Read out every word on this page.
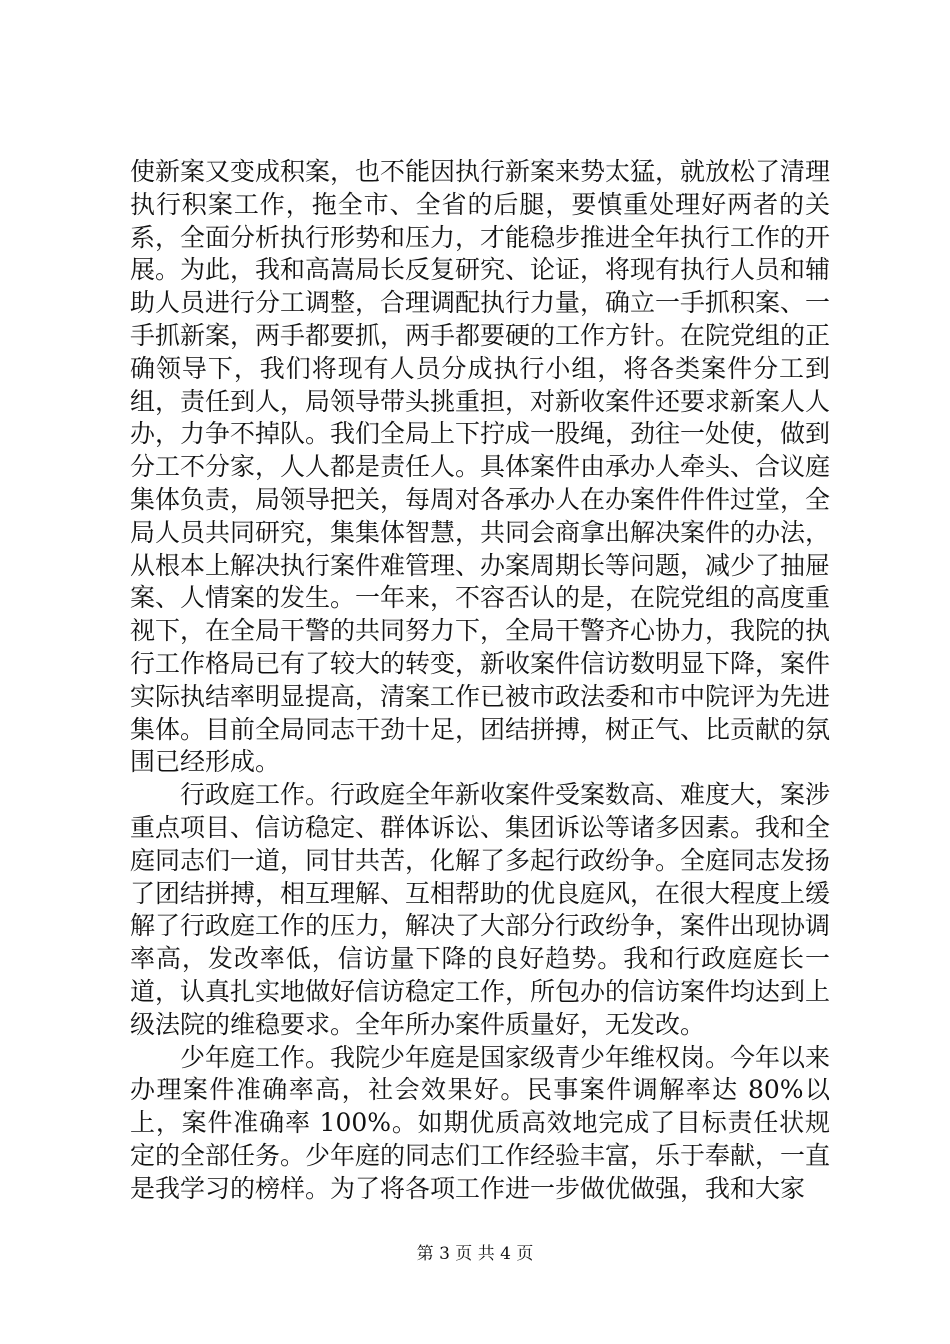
使新案又变成积案，也不能因执行新案来势太猛，就放松了清理执行积案工作，拖全市、全省的后腿，要慎重处理好两者的关系，全面分析执行形势和压力，才能稳步推进全年执行工作的开展。为此，我和高嵩局长反复研究、论证，将现有执行人员和辅助人员进行分工调整，合理调配执行力量，确立一手抓积案、一手抓新案，两手都要抓，两手都要硬的工作方针。在院党组的正确领导下，我们将现有人员分成执行小组，将各类案件分工到组，责任到人，局领导带头挑重担，对新收案件还要求新案人人办，力争不掉队。我们全局上下拧成一股绳，劲往一处使，做到分工不分家，人人都是责任人。具体案件由承办人牵头、合议庭集体负责，局领导把关，每周对各承办人在办案件件件过堂，全局人员共同研究，集集体智慧，共同会商拿出解决案件的办法，从根本上解决执行案件难管理、办案周期长等问题，减少了抽屉案、人情案的发生。一年来，不容否认的是，在院党组的高度重视下，在全局干警的共同努力下，全局干警齐心协力，我院的执行工作格局已有了较大的转变，新收案件信访数明显下降，案件实际执结率明显提高，清案工作已被市政法委和市中院评为先进集体。目前全局同志干劲十足，团结拼搏，树正气、比贡献的氛围已经形成。

行政庭工作。行政庭全年新收案件受案数高、难度大，案涉重点项目、信访稳定、群体诉讼、集团诉讼等诸多因素。我和全庭同志们一道，同甘共苦，化解了多起行政纷争。全庭同志发扬了团结拼搏，相互理解、互相帮助的优良庭风，在很大程度上缓解了行政庭工作的压力，解决了大部分行政纷争，案件出现协调率高，发改率低，信访量下降的良好趋势。我和行政庭庭长一道，认真扎实地做好信访稳定工作，所包办的信访案件均达到上级法院的维稳要求。全年所办案件质量好，无发改。

少年庭工作。我院少年庭是国家级青少年维权岗。今年以来办理案件准确率高，社会效果好。民事案件调解率达 80%以上，案件准确率 100%。如期优质高效地完成了目标责任状规定的全部任务。少年庭的同志们工作经验丰富，乐于奉献，一直是我学习的榜样。为了将各项工作进一步做优做强，我和大家

第 3 页 共 4 页
